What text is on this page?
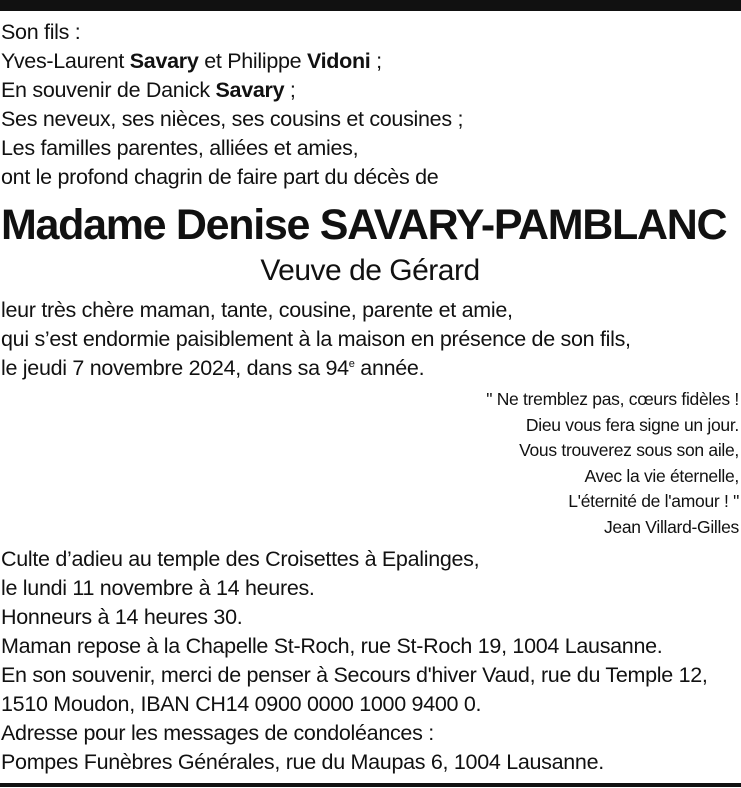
Son fils :
Yves-Laurent Savary et Philippe Vidoni ;
En souvenir de Danick Savary ;
Ses neveux, ses nièces, ses cousins et cousines ;
Les familles parentes, alliées et amies,
ont le profond chagrin de faire part du décès de
Madame Denise SAVARY-PAMBLANC
Veuve de Gérard
leur très chère maman, tante, cousine, parente et amie,
qui s’est endormie paisiblement à la maison en présence de son fils,
le jeudi 7 novembre 2024, dans sa 94e année.
" Ne tremblez pas, cœurs fidèles !
Dieu vous fera signe un jour.
Vous trouverez sous son aile,
Avec la vie éternelle,
L'éternité de l'amour ! "
Jean Villard-Gilles
Culte d’adieu au temple des Croisettes à Epalinges,
le lundi 11 novembre à 14 heures.
Honneurs à 14 heures 30.
Maman repose à la Chapelle St-Roch, rue St-Roch 19, 1004 Lausanne.
En son souvenir, merci de penser à Secours d'hiver Vaud, rue du Temple 12,
1510 Moudon, IBAN CH14 0900 0000 1000 9400 0.
Adresse pour les messages de condoléances :
Pompes Funèbres Générales, rue du Maupas 6, 1004 Lausanne.
